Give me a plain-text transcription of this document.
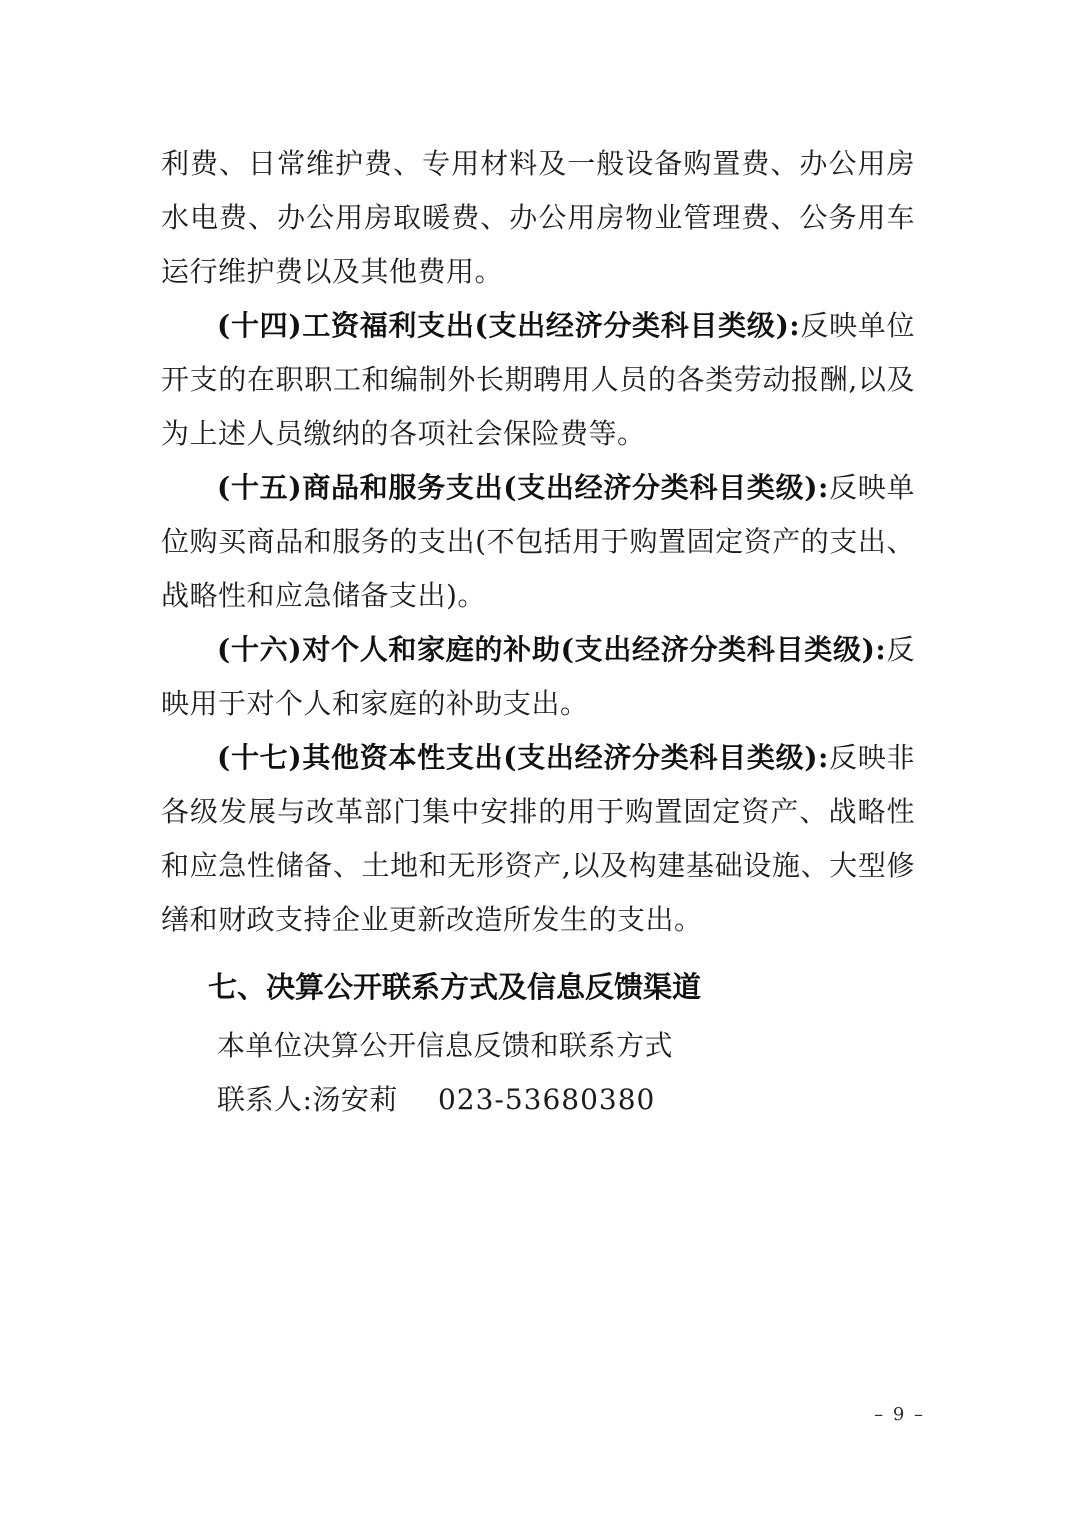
利费、日常维护费、专用材料及一般设备购置费、办公用房水电费、办公用房取暖费、办公用房物业管理费、公务用车运行维护费以及其他费用。

(十四)工资福利支出(支出经济分类科目类级):反映单位开支的在职职工和编制外长期聘用人员的各类劳动报酬,以及为上述人员缴纳的各项社会保险费等。

(十五)商品和服务支出(支出经济分类科目类级):反映单位购买商品和服务的支出(不包括用于购置固定资产的支出、战略性和应急储备支出)。

(十六)对个人和家庭的补助(支出经济分类科目类级):反映用于对个人和家庭的补助支出。

(十七)其他资本性支出(支出经济分类科目类级):反映非各级发展与改革部门集中安排的用于购置固定资产、战略性和应急性储备、土地和无形资产,以及构建基础设施、大型修缮和财政支持企业更新改造所发生的支出。

七、决算公开联系方式及信息反馈渠道

本单位决算公开信息反馈和联系方式

联系人:汤安莉 023-53680380

– 9 –
